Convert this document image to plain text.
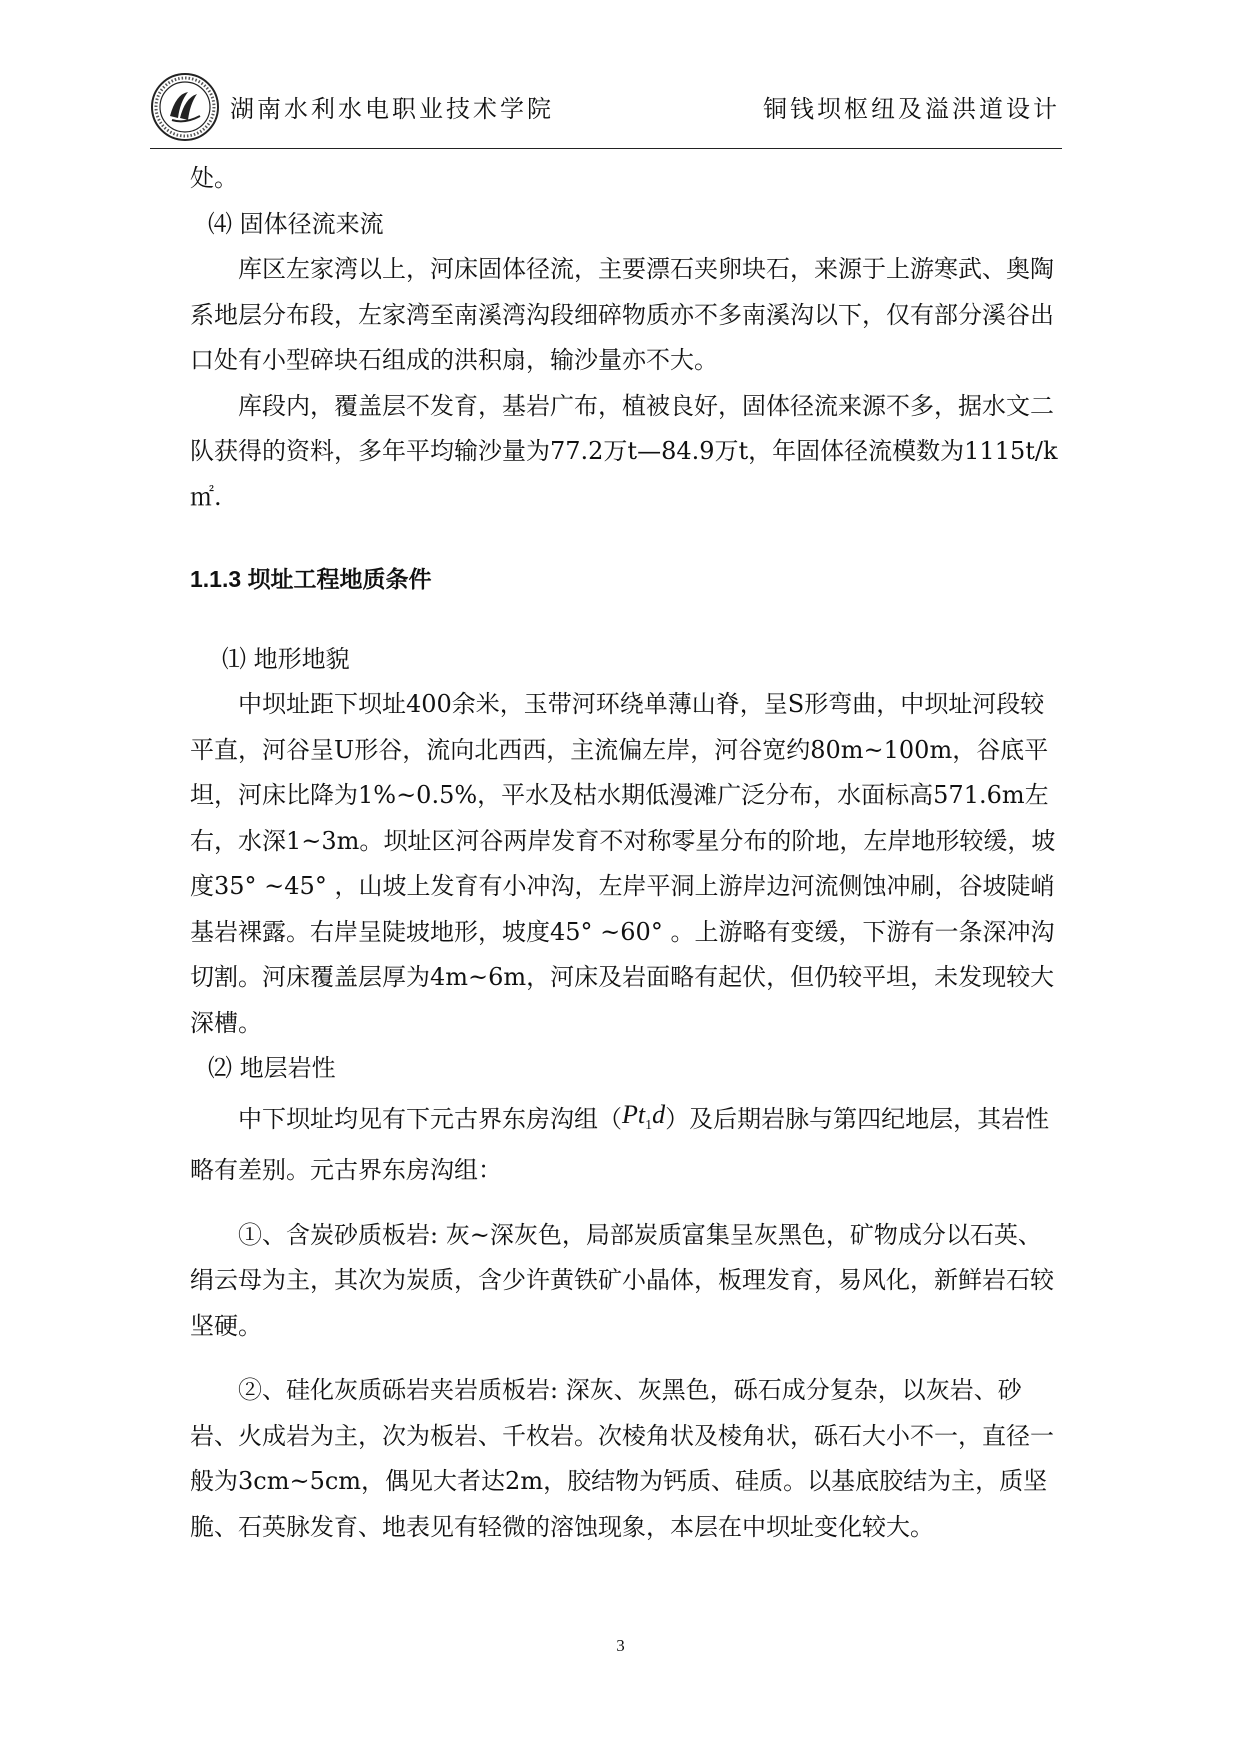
湖南水利水电职业技术学院	铜钱坝枢纽及溢洪道设计

处。

⑷ 固体径流来流

库区左家湾以上，河床固体径流，主要漂石夹卵块石，来源于上游寒武、奥陶系地层分布段，左家湾至南溪湾沟段细碎物质亦不多南溪沟以下，仅有部分溪谷出口处有小型碎块石组成的洪积扇，输沙量亦不大。

库段内，覆盖层不发育，基岩广布，植被良好，固体径流来源不多，据水文二队获得的资料，多年平均输沙量为77.2万t—84.9万t，年固体径流模数为1115t/k㎡.

1.1.3 坝址工程地质条件

⑴ 地形地貌

中坝址距下坝址400余米，玉带河环绕单薄山脊，呈S形弯曲，中坝址河段较平直，河谷呈U形谷，流向北西西，主流偏左岸，河谷宽约80m~100m，谷底平坦，河床比降为1%~0.5%，平水及枯水期低漫滩广泛分布，水面标高571.6m左右，水深1~3m。坝址区河谷两岸发育不对称零星分布的阶地，左岸地形较缓，坡度35° ~45° ，山坡上发育有小冲沟，左岸平洞上游岸边河流侧蚀冲刷，谷坡陡峭基岩裸露。右岸呈陡坡地形，坡度45° ~60° 。上游略有变缓，下游有一条深冲沟切割。河床覆盖层厚为4m~6m，河床及岩面略有起伏，但仍较平坦，未发现较大深槽。

⑵ 地层岩性

中下坝址均见有下元古界东房沟组$(Pt_1d)$及后期岩脉与第四纪地层，其岩性略有差别。元古界东房沟组：

①、含炭砂质板岩: 灰~深灰色，局部炭质富集呈灰黑色，矿物成分以石英、绢云母为主，其次为炭质，含少许黄铁矿小晶体，板理发育，易风化，新鲜岩石较坚硬。

②、硅化灰质砾岩夹岩质板岩: 深灰、灰黑色，砾石成分复杂，以灰岩、砂岩、火成岩为主，次为板岩、千枚岩。次棱角状及棱角状，砾石大小不一，直径一般为3cm~5cm，偶见大者达2m，胶结物为钙质、硅质。以基底胶结为主，质坚脆、石英脉发育、地表见有轻微的溶蚀现象，本层在中坝址变化较大。

3
